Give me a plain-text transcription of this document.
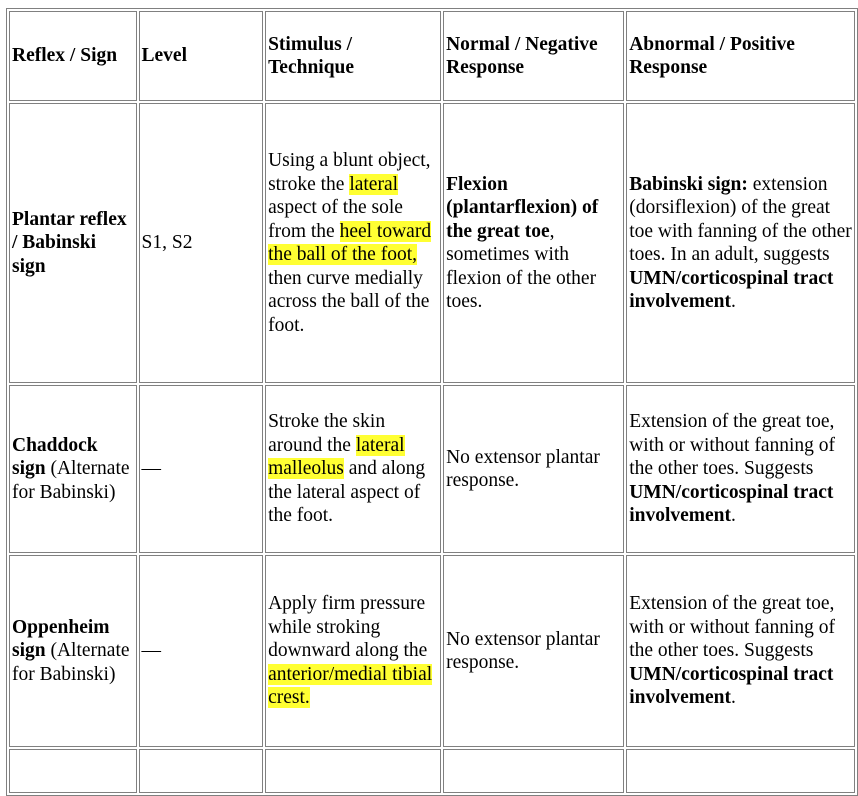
Reflex / Sign	Level	Stimulus / Technique	Normal / Negative Response	Abnormal / Positive Response
Plantar reflex / Babinski sign	S1, S2	Using a blunt object, stroke the lateral aspect of the sole from the heel toward the ball of the foot, then curve medially across the ball of the foot.	Flexion (plantarflexion) of the great toe, sometimes with flexion of the other toes.	Babinski sign: extension (dorsiflexion) of the great toe with fanning of the other toes. In an adult, suggests UMN/corticospinal tract involvement.
Chaddock sign (Alternate for Babinski)	—	Stroke the skin around the lateral malleolus and along the lateral aspect of the foot.	No extensor plantar response.	Extension of the great toe, with or without fanning of the other toes. Suggests UMN/corticospinal tract involvement.
Oppenheim sign (Alternate for Babinski)	—	Apply firm pressure while stroking downward along the anterior/medial tibial crest.	No extensor plantar response.	Extension of the great toe, with or without fanning of the other toes. Suggests UMN/corticospinal tract involvement.
